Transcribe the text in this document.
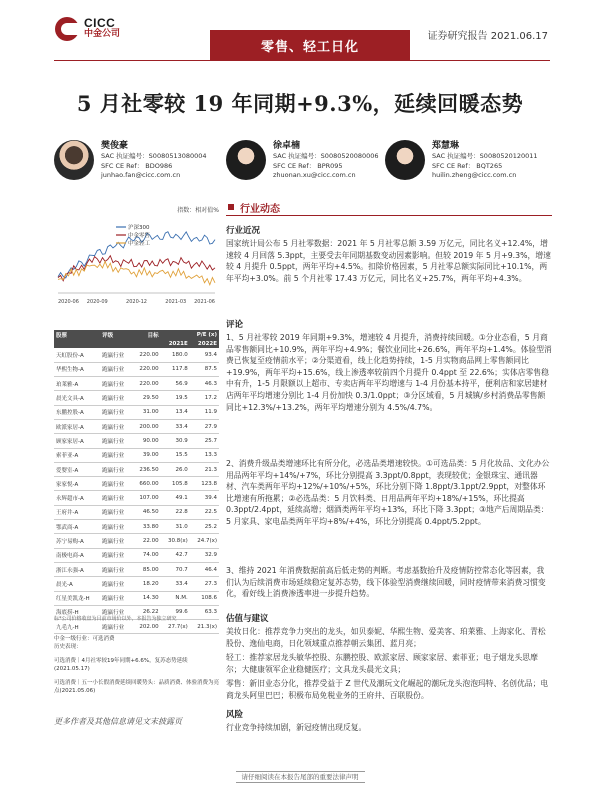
CICC
中金公司
零售、轻工日化
证券研究报告 2021.06.17
5 月社零较 19 年同期+9.3%，延续回暖态势
樊俊豪
SAC 执证编号：S0080513080004
SFC CE Ref： BDO986
junhao.fan@cicc.com.cn
徐卓楠
SAC 执证编号：S0080520080006
SFC CE Ref： BPR095
zhuonan.xu@cicc.com.cn
郑慧琳
SAC 执证编号：S0080520120011
SFC CE Ref： BQT265
huilin.zheng@cicc.com.cn
指数：相对值%
沪深300
中金零售
中金轻工
2020-06 2020-09	2020-12	2021-03 2021-06
股票	评级	目标	P/E (x)	
			2021E	2022E
天虹股份-A	跑赢行业	220.00	180.0	93.4
华熙生物-A	跑赢行业	220.00	117.8	87.5
珀莱雅-A	跑赢行业	220.00	56.9	46.3
晨光文具-A	跑赢行业	29.50	19.5	17.2
东鹏控股-A	跑赢行业	31.00	13.4	11.9
欧派家居-A	跑赢行业	200.00	33.4	27.9
顾家家居-A	跑赢行业	90.00	30.9	25.7
索菲亚-A	跑赢行业	39.00	15.5	13.3
爱婴室-A	跑赢行业	236.50	26.0	21.3
家家悦-A	跑赢行业	660.00	105.8	123.8
永辉超市-A	跑赢行业	107.00	49.1	39.4
王府井-A	跑赢行业	46.50	22.8	22.5
鄂武商-A	跑赢行业	33.80	31.0	25.2
苏宁易购-A	跑赢行业	22.00	30.8(x)	24.7(x)
南极电商-A	跑赢行业	74.00	42.7	32.9
浙江永强-A	跑赢行业	85.00	70.7	46.4
晨光-A	跑赢行业	18.20	33.4	27.3
红星美凯龙-H	跑赢行业	14.30	N.M.	108.6
海底捞-H	跑赢行业	26.22	99.6	63.3
九毛九-H	跑赢行业	202.00	27.7(x)	21.3(x)
标*公司价格收盘为目前市场价以外，本报告为独立研究
中金一级行业：可选消费
历史表现：
可选消费｜4月社零较19年同期+6.6%，复苏态势延续(2021.05.17)
可选消费｜五一小长假消费延续回暖势头：品质消费、体验消费为亮点(2021.05.06)
更多作者及其他信息请见文末披露页
行业动态
行业近况
国家统计局公布 5 月社零数据：2021 年 5 月社零总额 3.59 万亿元，同比名义+12.4%，增速较 4 月回落 5.3ppt，主要受去年同期基数变动因素影响。但较 2019 年 5 月+9.3%，增速较 4 月提升 0.5ppt，两年平均+4.5%。扣除价格因素，5 月社零总额实际同比+10.1%，两年平均+3.0%。前 5 个月社零 17.43 万亿元，同比名义+25.7%，两年平均+4.3%。
评论
1、5 月社零较 2019 年同期+9.3%，增速较 4 月提升，消费持续回暖。①分业态看，5 月商品零售额同比+10.9%，两年平均+4.9%；餐饮业同比+26.6%，两年平均+1.4%。体验型消费已恢复至疫情前水平；②分渠道看，线上化趋势持续，1-5 月实物商品网上零售额同比+19.9%，两年平均+15.6%，线上渗透率较前四个月提升 0.4ppt 至 22.6%；实体店零售稳中有升，1-5 月限额以上超市、专卖店两年平均增速与 1-4 月份基本持平，便利店和家居建材店两年平均增速分别比 1-4 月份加快 0.3/1.0ppt；③分区域看，5 月城镇/乡村消费品零售额同比+12.3%/+13.2%，两年平均增速分别为 4.5%/4.7%。
2、消费升级品类增速环比有所分化，必选品类增速较快。①可选品类：5 月化妆品、文化办公用品两年平均+14%/+7%，环比分别提高 3.3ppt/0.8ppt，表现较优；金银珠宝、通讯器材、汽车类两年平均+12%/+10%/+5%，环比分别下降 1.8ppt/3.1ppt/2.9ppt，对整体环比增速有所拖累；②必选品类：5 月饮料类、日用品两年平均+18%/+15%，环比提高 0.3ppt/2.4ppt，延续高增；烟酒类两年平均+13%，环比下降 3.3ppt；③地产后周期品类：5 月家具、家电品类两年平均+8%/+4%，环比分别提高 0.4ppt/5.2ppt。
3、维持 2021 年消费数据前高后低走势的判断。考虑基数抬升及疫情防控常态化等因素，我们认为后续消费市场延续稳定复苏态势，线下体验型消费继续回暖，同时疫情带来消费习惯变化，看好线上消费渗透率进一步提升趋势。
估值与建议
美妆日化：推荐竞争力突出的龙头，如贝泰妮、华熙生物、爱美客、珀莱雅、上海家化、青松股份、逸仙电商，日化领域重点推荐朝云集团、蓝月亮；
轻工：推荐家居龙头敏华控股、东鹏控股、欧派家居、顾家家居、索菲亚；电子烟龙头思摩尔；大健康领军企业稳健医疗；文具龙头晨光文具；
零售：新旧业态分化，推荐受益于 Z 世代及潮玩文化崛起的潮玩龙头泡泡玛特、名创优品；电商龙头阿里巴巴；积极布局免税业务的王府井、百联股份。
风险
行业竞争持续加剧，新冠疫情出现反复。
请仔细阅读在本报告尾部的重要法律声明
